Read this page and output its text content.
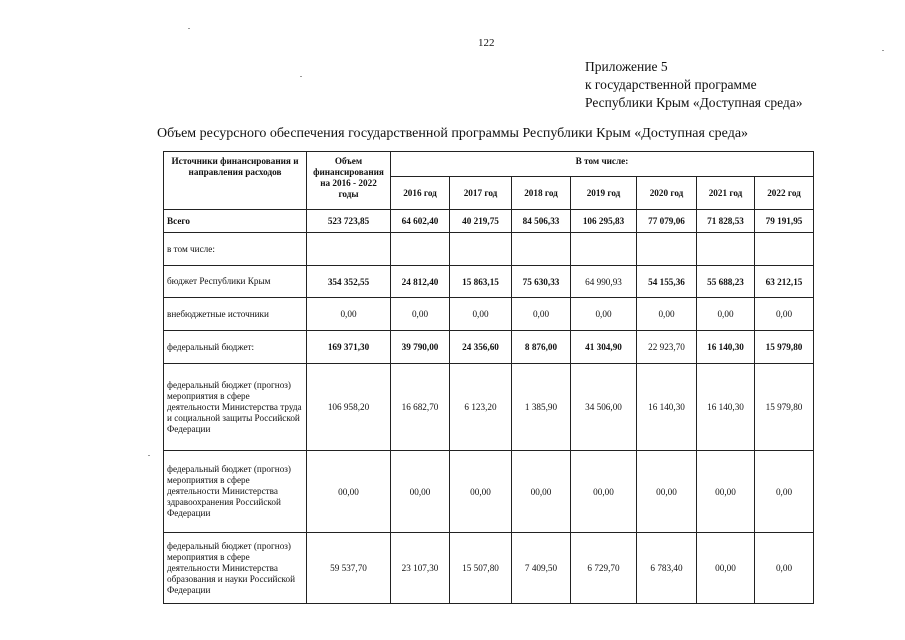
122
Приложение 5
к государственной программе
Республики Крым «Доступная среда»
Объем ресурсного обеспечения государственной программы Республики Крым «Доступная среда»
Источники финансирования и направления расходов	Объем финансирования на 2016 - 2022 годы	В том числе:						
		2016 год	2017 год	2018 год	2019 год	2020 год	2021 год	2022 год
Всего	523 723,85	64 602,40	40 219,75	84 506,33	106 295,83	77 079,06	71 828,53	79 191,95
в том числе:								
бюджет Республики Крым	354 352,55	24 812,40	15 863,15	75 630,33	64 990,93	54 155,36	55 688,23	63 212,15
внебюджетные источники	0,00	0,00	0,00	0,00	0,00	0,00	0,00	0,00
федеральный бюджет:	169 371,30	39 790,00	24 356,60	8 876,00	41 304,90	22 923,70	16 140,30	15 979,80
федеральный бюджет (прогноз) мероприятия в сфере деятельности Министерства труда и социальной защиты Российской Федерации	106 958,20	16 682,70	6 123,20	1 385,90	34 506,00	16 140,30	16 140,30	15 979,80
федеральный бюджет (прогноз) мероприятия в сфере деятельности Министерства здравоохранения Российской Федерации	00,00	00,00	00,00	00,00	00,00	00,00	00,00	0,00
федеральный бюджет (прогноз) мероприятия в сфере деятельности Министерства образования и науки Российской Федерации	59 537,70	23 107,30	15 507,80	7 409,50	6 729,70	6 783,40	00,00	0,00
